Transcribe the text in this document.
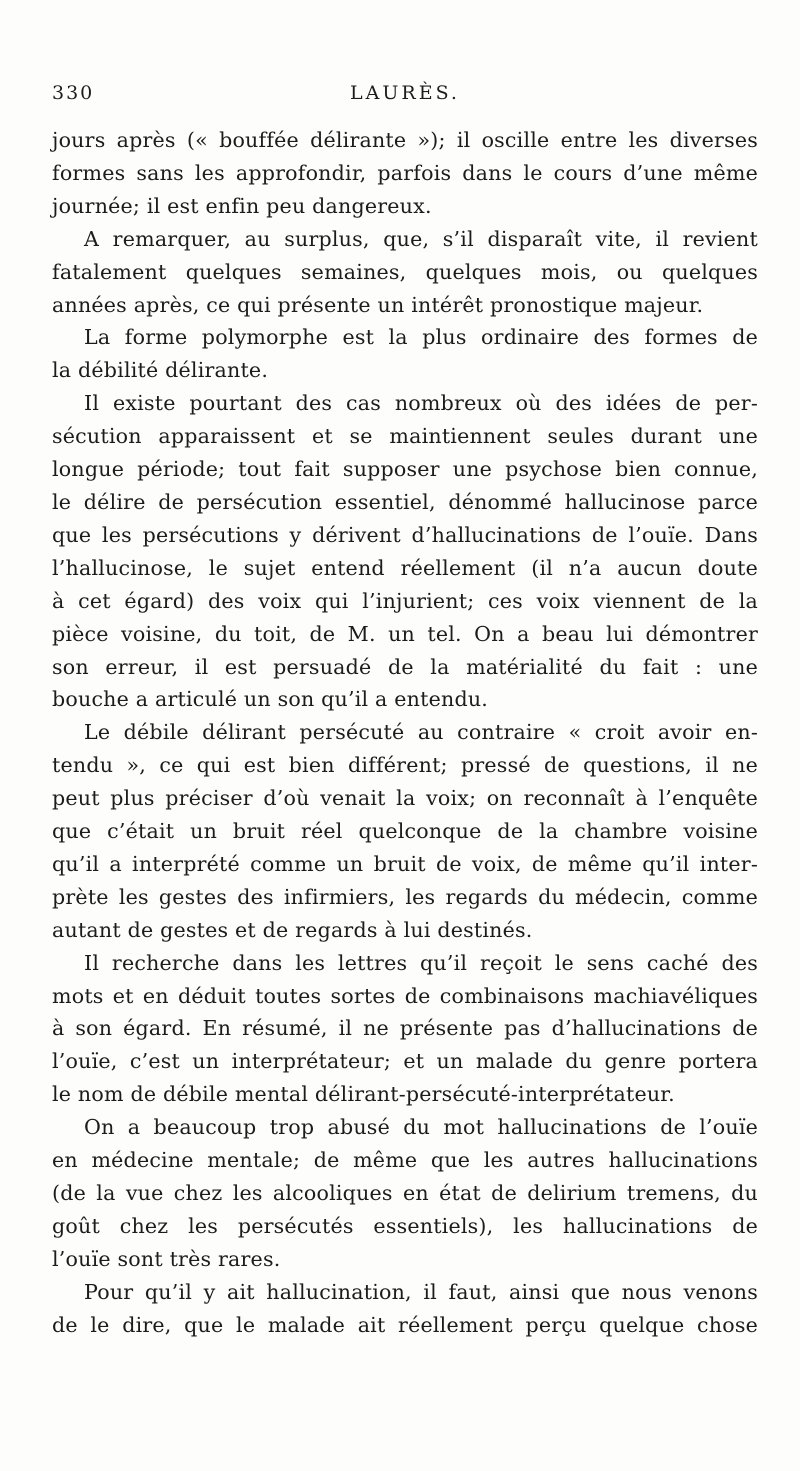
330	LAURÈS.
jours après (« bouffée délirante »); il oscille entre les diverses
formes sans les approfondir, parfois dans le cours d’une même
journée; il est enfin peu dangereux.
A remarquer, au surplus, que, s’il disparaît vite, il revient
fatalement quelques semaines, quelques mois, ou quelques
années après, ce qui présente un intérêt pronostique majeur.
La forme polymorphe est la plus ordinaire des formes de
la débilité délirante.
Il existe pourtant des cas nombreux où des idées de per-
sécution apparaissent et se maintiennent seules durant une
longue période; tout fait supposer une psychose bien connue,
le délire de persécution essentiel, dénommé hallucinose parce
que les persécutions y dérivent d’hallucinations de l’ouïe. Dans
l’hallucinose, le sujet entend réellement (il n’a aucun doute
à cet égard) des voix qui l’injurient; ces voix viennent de la
pièce voisine, du toit, de M. un tel. On a beau lui démontrer
son erreur, il est persuadé de la matérialité du fait : une
bouche a articulé un son qu’il a entendu.
Le débile délirant persécuté au contraire « croit avoir en-
tendu », ce qui est bien différent; pressé de questions, il ne
peut plus préciser d’où venait la voix; on reconnaît à l’enquête
que c’était un bruit réel quelconque de la chambre voisine
qu’il a interprété comme un bruit de voix, de même qu’il inter-
prète les gestes des infirmiers, les regards du médecin, comme
autant de gestes et de regards à lui destinés.
Il recherche dans les lettres qu’il reçoit le sens caché des
mots et en déduit toutes sortes de combinaisons machiavéliques
à son égard. En résumé, il ne présente pas d’hallucinations de
l’ouïe, c’est un interprétateur; et un malade du genre portera
le nom de débile mental délirant-persécuté-interprétateur.
On a beaucoup trop abusé du mot hallucinations de l’ouïe
en médecine mentale; de même que les autres hallucinations
(de la vue chez les alcooliques en état de delirium tremens, du
goût chez les persécutés essentiels), les hallucinations de
l’ouïe sont très rares.
Pour qu’il y ait hallucination, il faut, ainsi que nous venons
de le dire, que le malade ait réellement perçu quelque chose
